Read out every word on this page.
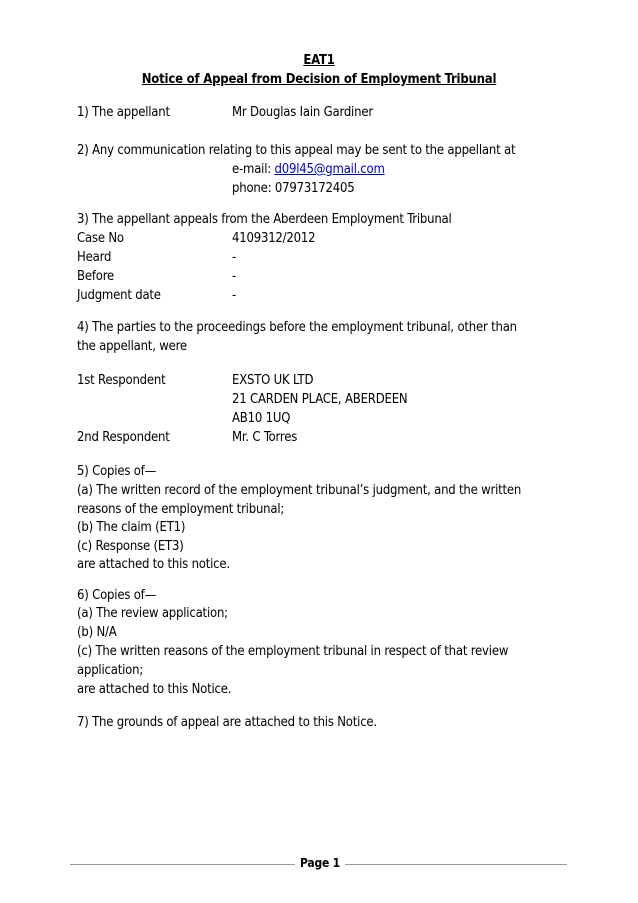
EAT1
Notice of Appeal from Decision of Employment Tribunal
1) The appellant	Mr Douglas Iain Gardiner
2) Any communication relating to this appeal may be sent to the appellant at
e-mail: d09l45@gmail.com
phone: 07973172405
3) The appellant appeals from the Aberdeen Employment Tribunal
Case No	4109312/2012
Heard	-
Before	-
Judgment date	-
4) The parties to the proceedings before the employment tribunal, other than
the appellant, were
1st Respondent	EXSTO UK LTD
21 CARDEN PLACE, ABERDEEN
AB10 1UQ
2nd Respondent	Mr. C Torres
5) Copies of—
(a) The written record of the employment tribunal’s judgment, and the written
reasons of the employment tribunal;
(b) The claim (ET1)
(c) Response (ET3)
are attached to this notice.
6) Copies of—
(a) The review application;
(b) N/A
(c) The written reasons of the employment tribunal in respect of that review
application;
are attached to this Notice.
7) The grounds of appeal are attached to this Notice.
Page 1
